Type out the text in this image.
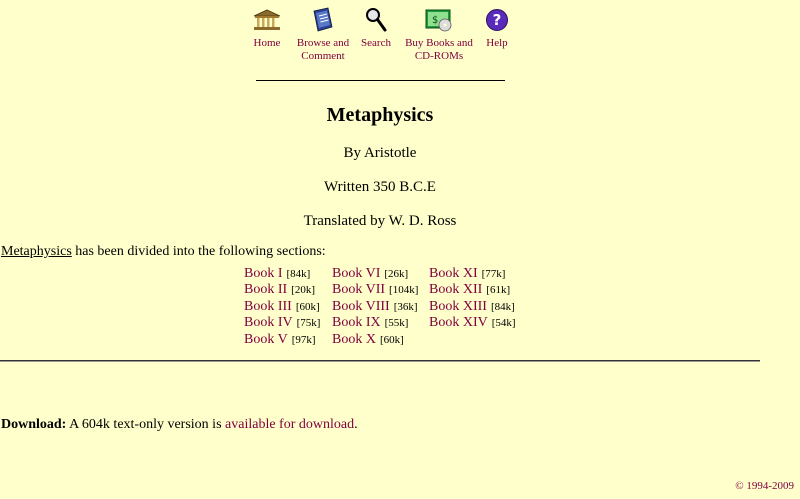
Home	Browse and
Comment
Search
$
Buy Books and
CD-ROMs
?
Help
Metaphysics
By Aristotle
Written 350 B.C.E
Translated by W. D. Ross
Metaphysics has been divided into the following sections:
Book I [84k]
Book II [20k]
Book III [60k]
Book IV [75k]
Book V [97k]
Book VI [26k]
Book VII [104k]
Book VIII [36k]
Book IX [55k]
Book X [60k]
Book XI [77k]
Book XII [61k]
Book XIII [84k]
Book XIV [54k]
Download: A 604k text-only version is available for download.
© 1994-2009
